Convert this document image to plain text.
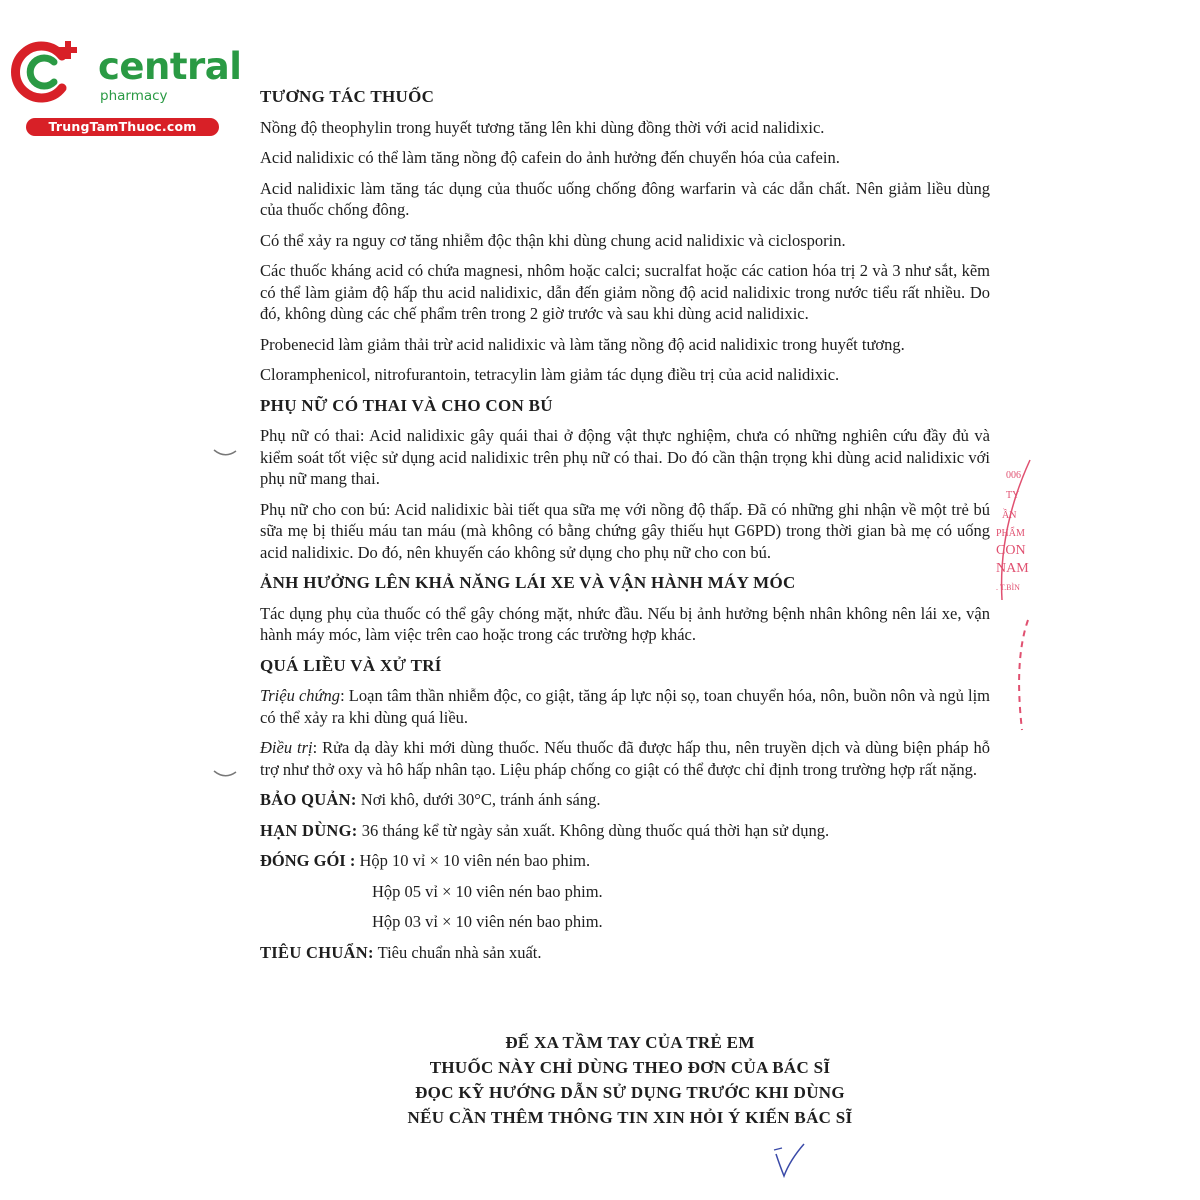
central
pharmacy
TrungTamThuoc.com
TƯƠNG TÁC THUỐC
Nồng độ theophylin trong huyết tương tăng lên khi dùng đồng thời với acid nalidixic.
Acid nalidixic có thể làm tăng nồng độ cafein do ảnh hưởng đến chuyển hóa của cafein.
Acid nalidixic làm tăng tác dụng của thuốc uống chống đông warfarin và các dẫn chất. Nên giảm liều dùng của thuốc chống đông.
Có thể xảy ra nguy cơ tăng nhiễm độc thận khi dùng chung acid nalidixic và ciclosporin.
Các thuốc kháng acid có chứa magnesi, nhôm hoặc calci; sucralfat hoặc các cation hóa trị 2 và 3 như sắt, kẽm có thể làm giảm độ hấp thu acid nalidixic, dẫn đến giảm nồng độ acid nalidixic trong nước tiểu rất nhiều. Do đó, không dùng các chế phẩm trên trong 2 giờ trước và sau khi dùng acid nalidixic.
Probenecid làm giảm thải trừ acid nalidixic và làm tăng nồng độ acid nalidixic trong huyết tương.
Cloramphenicol, nitrofurantoin, tetracylin làm giảm tác dụng điều trị của acid nalidixic.
PHỤ NỮ CÓ THAI VÀ CHO CON BÚ
Phụ nữ có thai: Acid nalidixic gây quái thai ở động vật thực nghiệm, chưa có những nghiên cứu đầy đủ và kiểm soát tốt việc sử dụng acid nalidixic trên phụ nữ có thai. Do đó cần thận trọng khi dùng acid nalidixic với phụ nữ mang thai.
Phụ nữ cho con bú: Acid nalidixic bài tiết qua sữa mẹ với nồng độ thấp. Đã có những ghi nhận về một trẻ bú sữa mẹ bị thiếu máu tan máu (mà không có bằng chứng gây thiếu hụt G6PD) trong thời gian bà mẹ có uống acid nalidixic. Do đó, nên khuyến cáo không sử dụng cho phụ nữ cho con bú.
ẢNH HƯỞNG LÊN KHẢ NĂNG LÁI XE VÀ VẬN HÀNH MÁY MÓC
Tác dụng phụ của thuốc có thể gây chóng mặt, nhức đầu. Nếu bị ảnh hưởng bệnh nhân không nên lái xe, vận hành máy móc, làm việc trên cao hoặc trong các trường hợp khác.
QUÁ LIỀU VÀ XỬ TRÍ
Triệu chứng: Loạn tâm thần nhiễm độc, co giật, tăng áp lực nội sọ, toan chuyển hóa, nôn, buồn nôn và ngủ lịm có thể xảy ra khi dùng quá liều.
Điều trị: Rửa dạ dày khi mới dùng thuốc. Nếu thuốc đã được hấp thu, nên truyền dịch và dùng biện pháp hỗ trợ như thở oxy và hô hấp nhân tạo. Liệu pháp chống co giật có thể được chỉ định trong trường hợp rất nặng.
BẢO QUẢN: Nơi khô, dưới 30°C, tránh ánh sáng.
HẠN DÙNG: 36 tháng kể từ ngày sản xuất. Không dùng thuốc quá thời hạn sử dụng.
ĐÓNG GÓI : Hộp 10 vỉ × 10 viên nén bao phim.
Hộp 05 vỉ × 10 viên nén bao phim.
Hộp 03 vỉ × 10 viên nén bao phim.
TIÊU CHUẨN: Tiêu chuẩn nhà sản xuất.
ĐỂ XA TẦM TAY CỦA TRẺ EM
THUỐC NÀY CHỈ DÙNG THEO ĐƠN CỦA BÁC SĨ
ĐỌC KỸ HƯỚNG DẪN SỬ DỤNG TRƯỚC KHI DÙNG
NẾU CẦN THÊM THÔNG TIN XIN HỎI Ý KIẾN BÁC SĨ
006
TY
ẦN
PHẨM
CON
NAM
. T.BÌN
